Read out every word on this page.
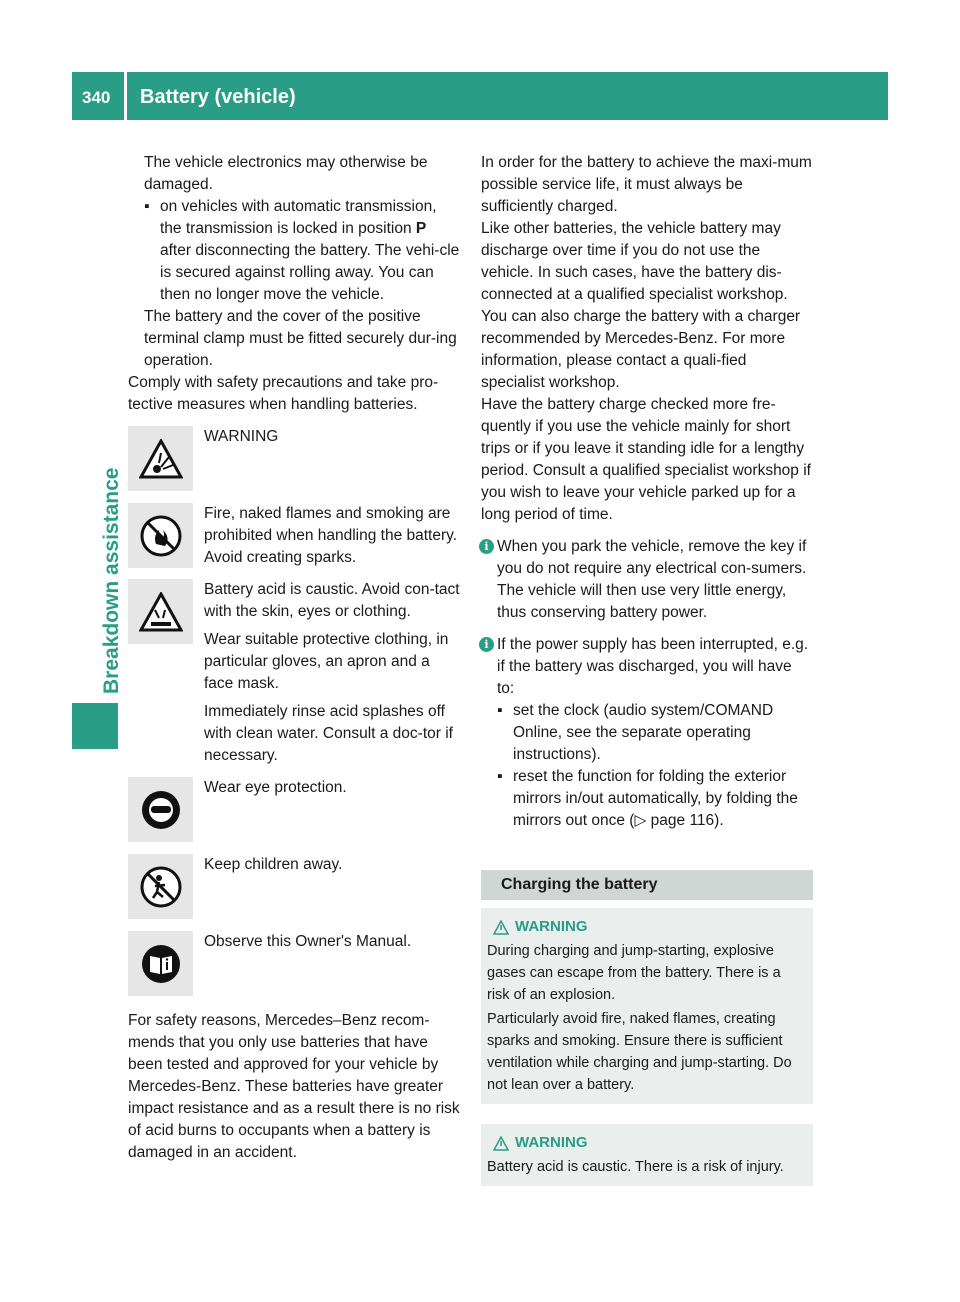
340 Battery (vehicle)
Breakdown assistance

The vehicle electronics may otherwise be damaged.

▪ on vehicles with automatic transmission, the transmission is locked in position P after disconnecting the battery. The vehi-cle is secured against rolling away. You can then no longer move the vehicle.

The battery and the cover of the positive terminal clamp must be fitted securely dur-ing operation.

Comply with safety precautions and take pro-tective measures when handling batteries.

WARNING
Fire, naked flames and smoking are prohibited when handling the battery. Avoid creating sparks.

Battery acid is caustic. Avoid con-tact with the skin, eyes or clothing.

Wear suitable protective clothing, in particular gloves, an apron and a face mask.

Immediately rinse acid splashes off with clean water. Consult a doc-tor if necessary.

Wear eye protection.
Keep children away.
Observe this Owner's Manual.

For safety reasons, Mercedes–Benz recom-mends that you only use batteries that have been tested and approved for your vehicle by Mercedes-Benz. These batteries have greater impact resistance and as a result there is no risk of acid burns to occupants when a battery is damaged in an accident.

In order for the battery to achieve the maxi-mum possible service life, it must always be sufficiently charged.

Like other batteries, the vehicle battery may discharge over time if you do not use the vehicle. In such cases, have the battery dis-connected at a qualified specialist workshop. You can also charge the battery with a charger recommended by Mercedes-Benz. For more information, please contact a quali-fied specialist workshop.

Have the battery charge checked more fre-quently if you use the vehicle mainly for short trips or if you leave it standing idle for a lengthy period. Consult a qualified specialist workshop if you wish to leave your vehicle parked up for a long period of time.

i When you park the vehicle, remove the key if you do not require any electrical con-sumers. The vehicle will then use very little energy, thus conserving battery power.

i If the power supply has been interrupted, e.g. if the battery was discharged, you will have to:

▪ set the clock (audio system/COMAND Online, see the separate operating instructions).

▪ reset the function for folding the exterior mirrors in/out automatically, by folding the mirrors out once (▷ page 116).

Charging the battery
WARNING

During charging and jump-starting, explosive gases can escape from the battery. There is a risk of an explosion.

Particularly avoid fire, naked flames, creating sparks and smoking. Ensure there is sufficient ventilation while charging and jump-starting. Do not lean over a battery.

WARNING

Battery acid is caustic. There is a risk of injury.
